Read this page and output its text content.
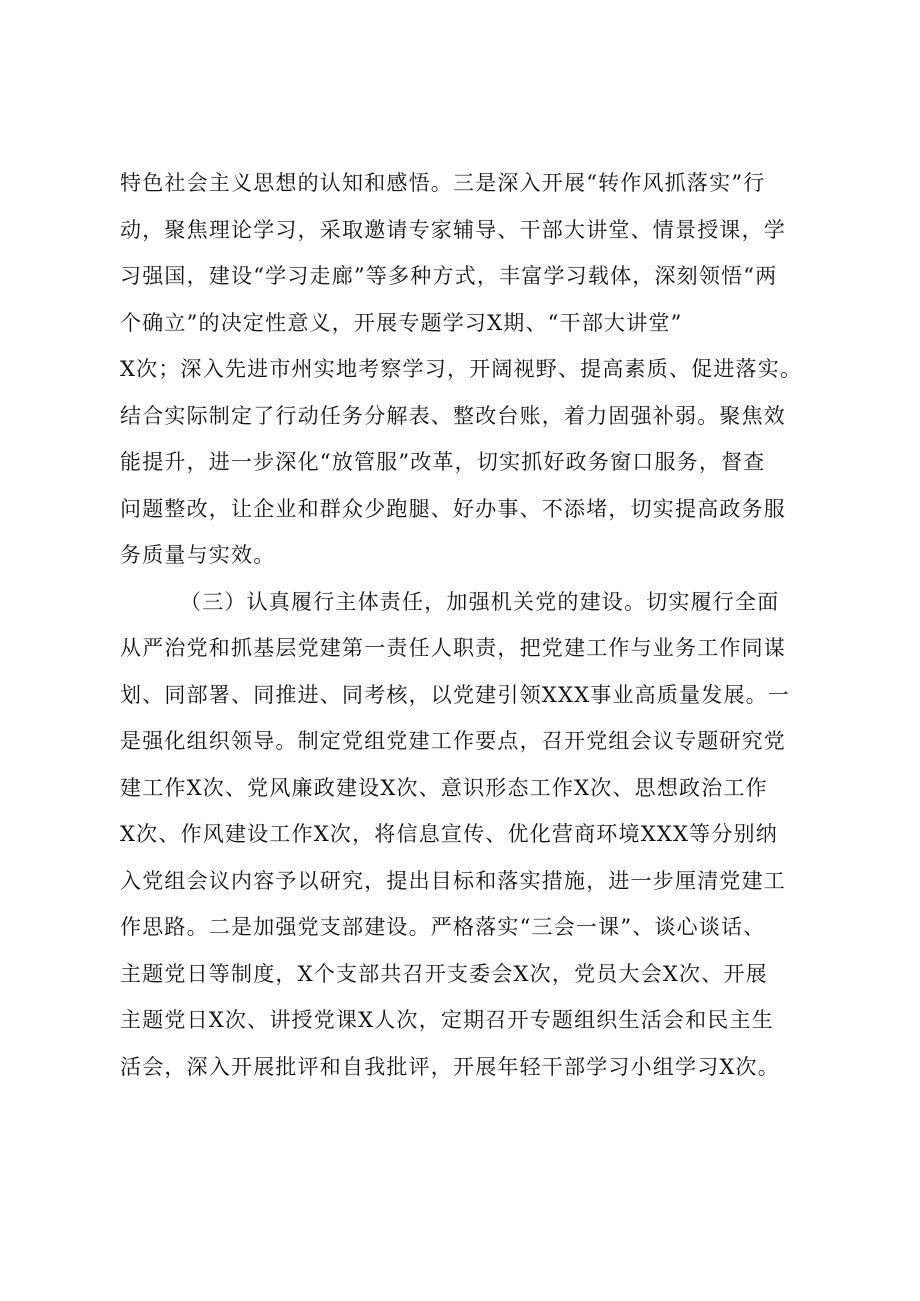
特色社会主义思想的认知和感悟。三是深入开展“转作风抓落实”行
动，聚焦理论学习，采取邀请专家辅导、干部大讲堂、情景授课，学
习强国，建设“学习走廊”等多种方式，丰富学习载体，深刻领悟“两
个确立”的决定性意义，开展专题学习X期、“干部大讲堂”
X次；深入先进市州实地考察学习，开阔视野、提高素质、促进落实。
结合实际制定了行动任务分解表、整改台账，着力固强补弱。聚焦效
能提升，进一步深化“放管服”改革，切实抓好政务窗口服务，督查
问题整改，让企业和群众少跑腿、好办事、不添堵，切实提高政务服
务质量与实效。
（三）认真履行主体责任，加强机关党的建设。切实履行全面
从严治党和抓基层党建第一责任人职责，把党建工作与业务工作同谋
划、同部署、同推进、同考核，以党建引领XXX事业高质量发展。一
是强化组织领导。制定党组党建工作要点，召开党组会议专题研究党
建工作X次、党风廉政建设X次、意识形态工作X次、思想政治工作
X次、作风建设工作X次，将信息宣传、优化营商环境XXX等分别纳
入党组会议内容予以研究，提出目标和落实措施，进一步厘清党建工
作思路。二是加强党支部建设。严格落实“三会一课”、谈心谈话、
主题党日等制度，X个支部共召开支委会X次，党员大会X次、开展
主题党日X次、讲授党课X人次，定期召开专题组织生活会和民主生
活会，深入开展批评和自我批评，开展年轻干部学习小组学习X次。
